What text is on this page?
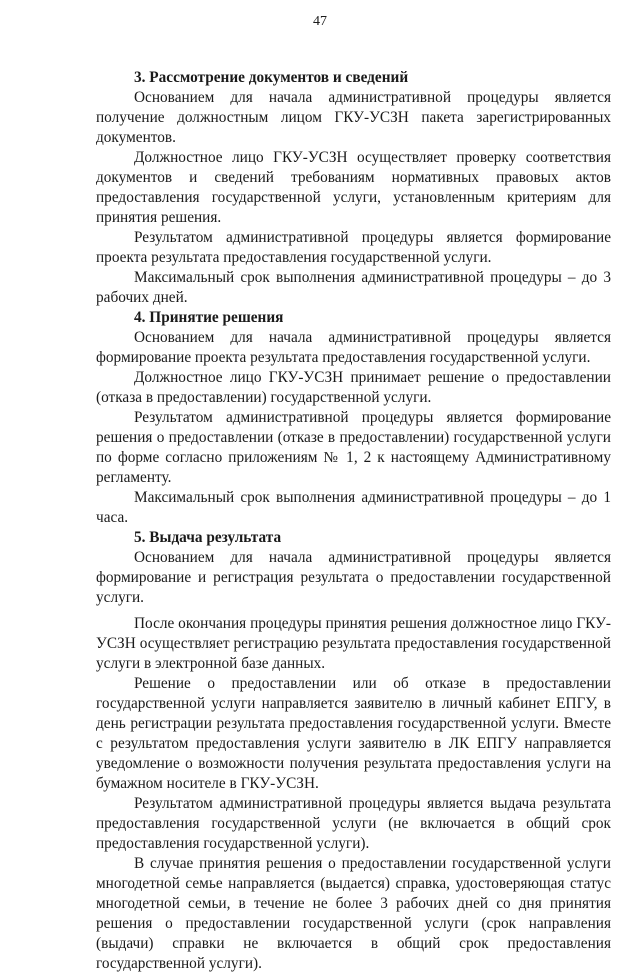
47
3. Рассмотрение документов и сведений

Основанием для начала административной процедуры является получение должностным лицом ГКУ-УСЗН пакета зарегистрированных документов.

Должностное лицо ГКУ-УСЗН осуществляет проверку соответствия документов и сведений требованиям нормативных правовых актов предоставления государственной услуги, установленным критериям для принятия решения.

Результатом административной процедуры является формирование проекта результата предоставления государственной услуги.

Максимальный срок выполнения административной процедуры – до 3 рабочих дней.

4. Принятие решения

Основанием для начала административной процедуры является формирование проекта результата предоставления государственной услуги.

Должностное лицо ГКУ-УСЗН принимает решение о предоставлении (отказа в предоставлении) государственной услуги.

Результатом административной процедуры является формирование решения о предоставлении (отказе в предоставлении) государственной услуги по форме согласно приложениям № 1, 2 к настоящему Административному регламенту.

Максимальный срок выполнения административной процедуры – до 1 часа.

5. Выдача результата

Основанием для начала административной процедуры является формирование и регистрация результата о предоставлении государственной услуги.

После окончания процедуры принятия решения должностное лицо ГКУ-УСЗН осуществляет регистрацию результата предоставления государственной услуги в электронной базе данных.

Решение о предоставлении или об отказе в предоставлении государственной услуги направляется заявителю в личный кабинет ЕПГУ, в день регистрации результата предоставления государственной услуги. Вместе с результатом предоставления услуги заявителю в ЛК ЕПГУ направляется уведомление о возможности получения результата предоставления услуги на бумажном носителе в ГКУ-УСЗН.

Результатом административной процедуры является выдача результата предоставления государственной услуги (не включается в общий срок предоставления государственной услуги).

В случае принятия решения о предоставлении государственной услуги многодетной семье направляется (выдается) справка, удостоверяющая статус многодетной семьи, в течение не более 3 рабочих дней со дня принятия решения о предоставлении государственной услуги (срок направления (выдачи) справки не включается в общий срок предоставления государственной услуги).
